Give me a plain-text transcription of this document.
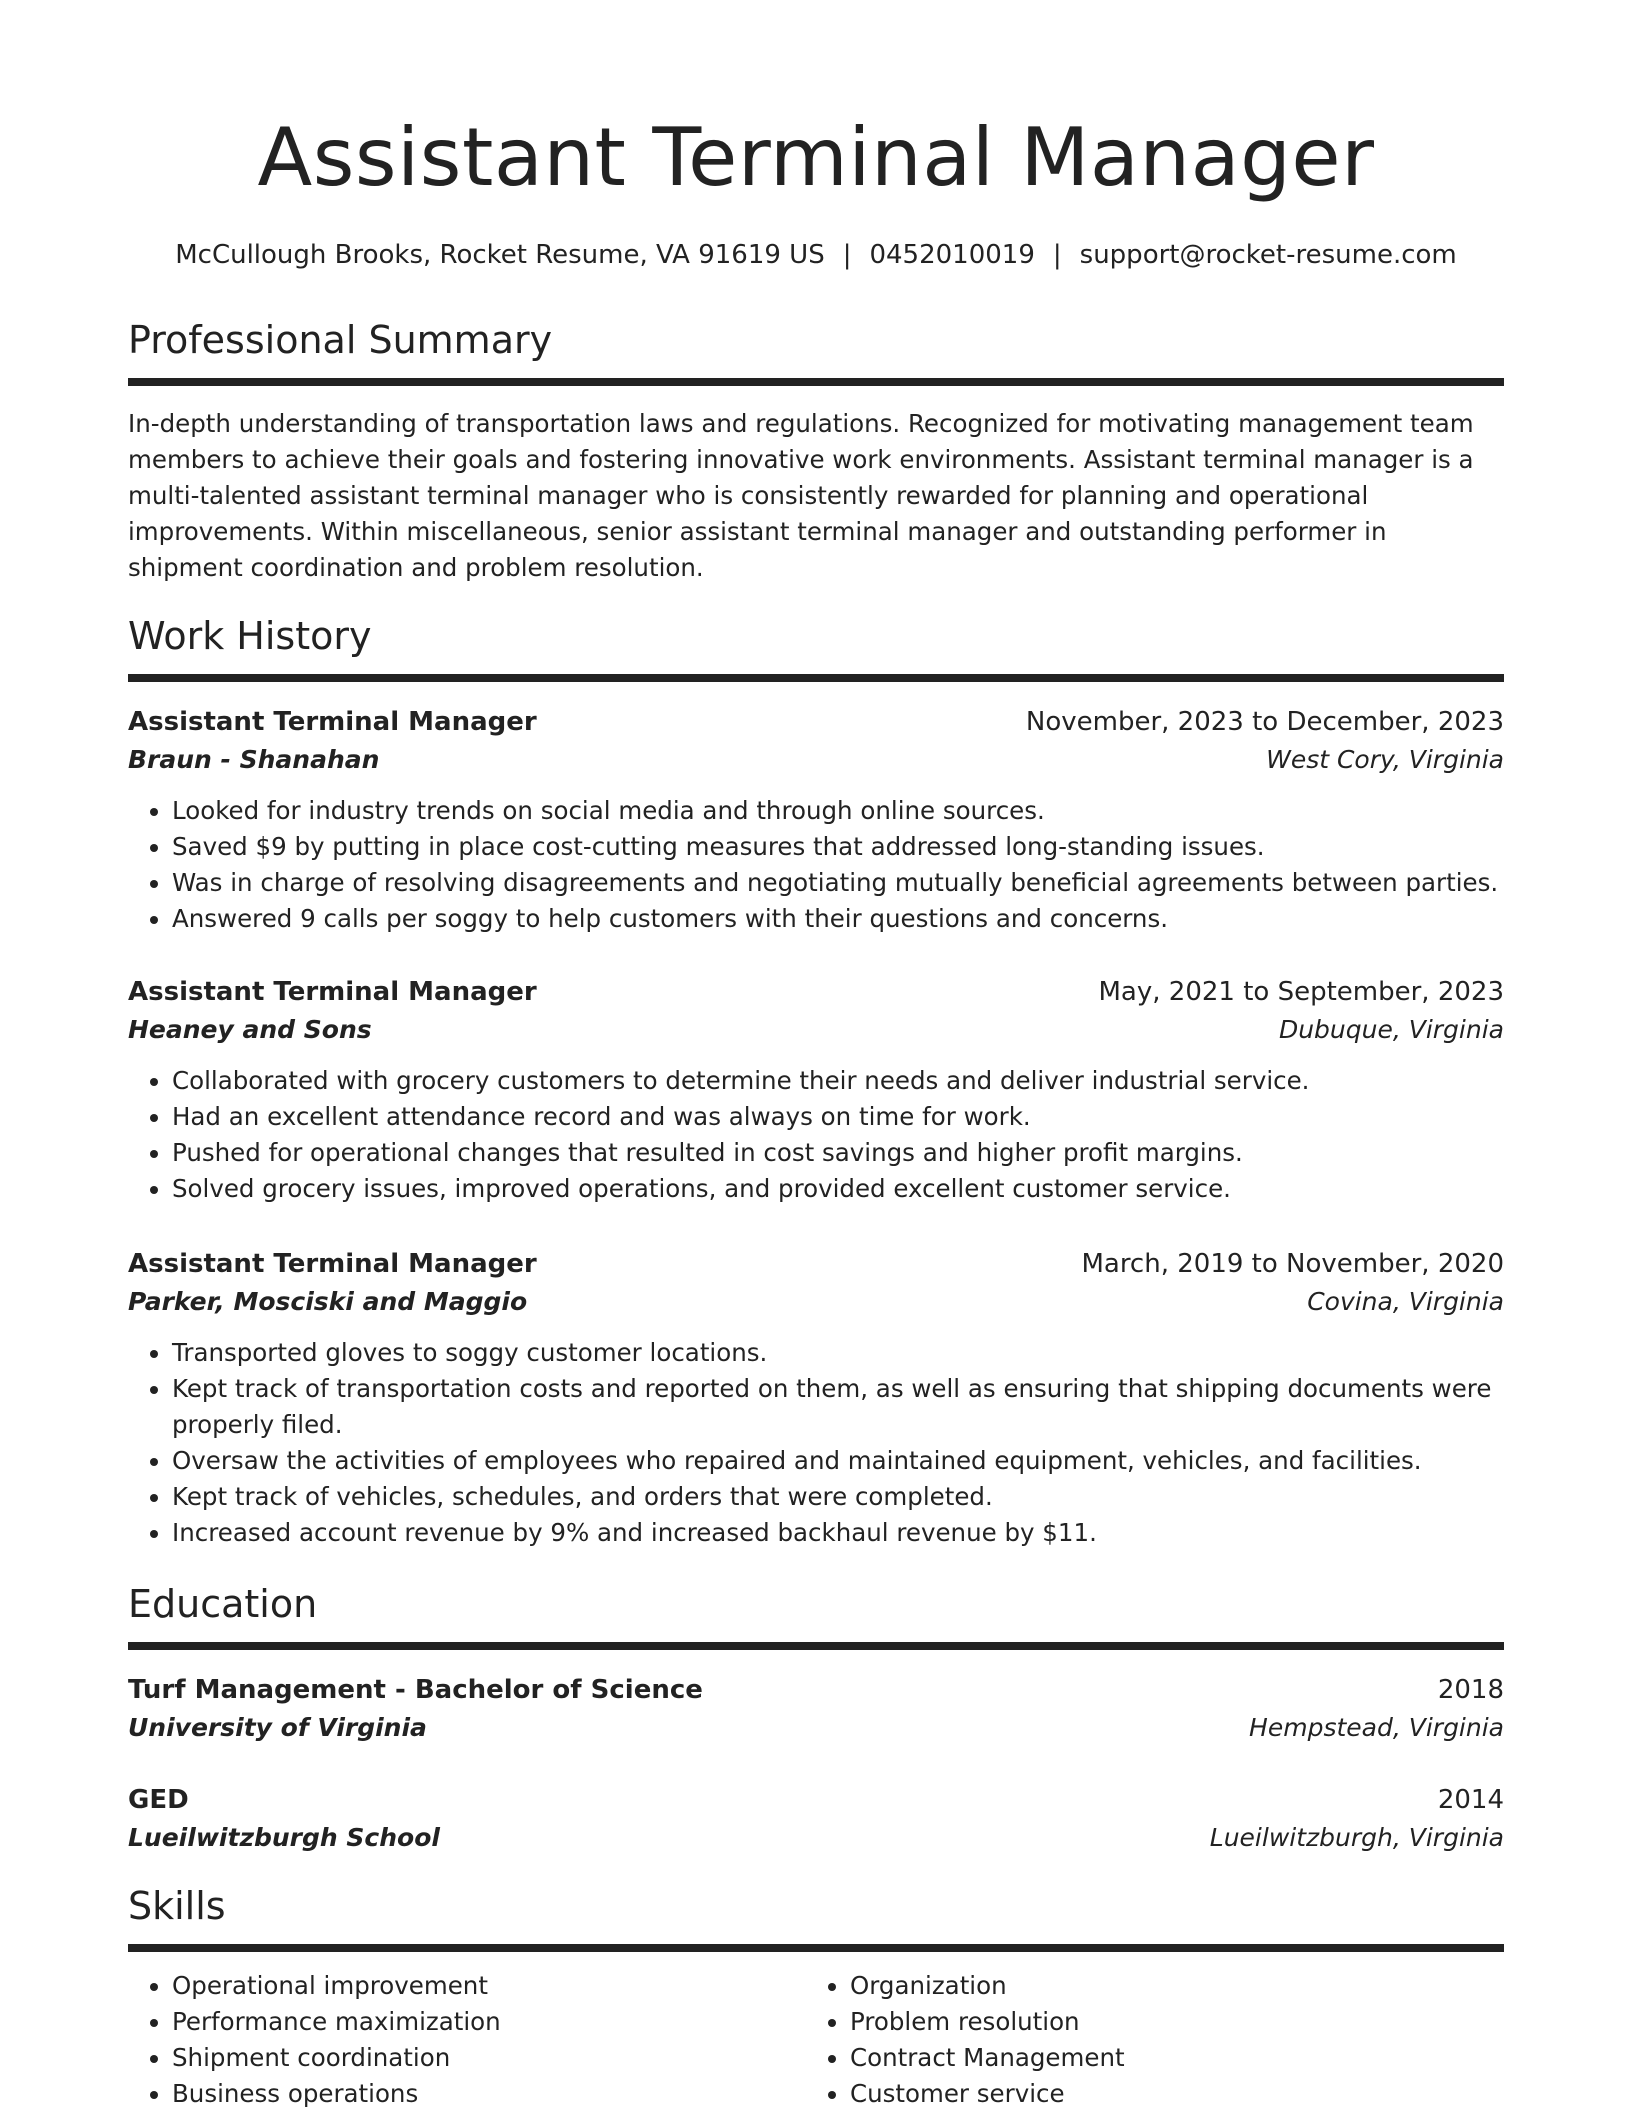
Assistant Terminal Manager
McCullough Brooks, Rocket Resume, VA 91619 US | 0452010019 | support@rocket-resume.com
Professional Summary

In-depth understanding of transportation laws and regulations. Recognized for motivating management team members to achieve their goals and fostering innovative work environments. Assistant terminal manager is a multi-talented assistant terminal manager who is consistently rewarded for planning and operational improvements. Within miscellaneous, senior assistant terminal manager and outstanding performer in shipment coordination and problem resolution.

Work History
Assistant Terminal Manager	November, 2023 to December, 2023
Braun - Shanahan	West Cory, Virginia
• Looked for industry trends on social media and through online sources.
• Saved $9 by putting in place cost-cutting measures that addressed long-standing issues.
• Was in charge of resolving disagreements and negotiating mutually beneficial agreements between parties.
• Answered 9 calls per soggy to help customers with their questions and concerns.
Assistant Terminal Manager	May, 2021 to September, 2023
Heaney and Sons	Dubuque, Virginia
• Collaborated with grocery customers to determine their needs and deliver industrial service.
• Had an excellent attendance record and was always on time for work.
• Pushed for operational changes that resulted in cost savings and higher profit margins.
• Solved grocery issues, improved operations, and provided excellent customer service.
Assistant Terminal Manager	March, 2019 to November, 2020
Parker, Mosciski and Maggio	Covina, Virginia
• Transported gloves to soggy customer locations.
• Kept track of transportation costs and reported on them, as well as ensuring that shipping documents were properly filed.
• Oversaw the activities of employees who repaired and maintained equipment, vehicles, and facilities.
• Kept track of vehicles, schedules, and orders that were completed.
• Increased account revenue by 9% and increased backhaul revenue by $11.
Education
Turf Management - Bachelor of Science	2018
University of Virginia	Hempstead, Virginia
GED	2014
Lueilwitzburgh School	Lueilwitzburgh, Virginia
Skills
• Operational improvement
• Performance maximization
• Shipment coordination
• Business operations
• Organization
• Problem resolution
• Contract Management
• Customer service
